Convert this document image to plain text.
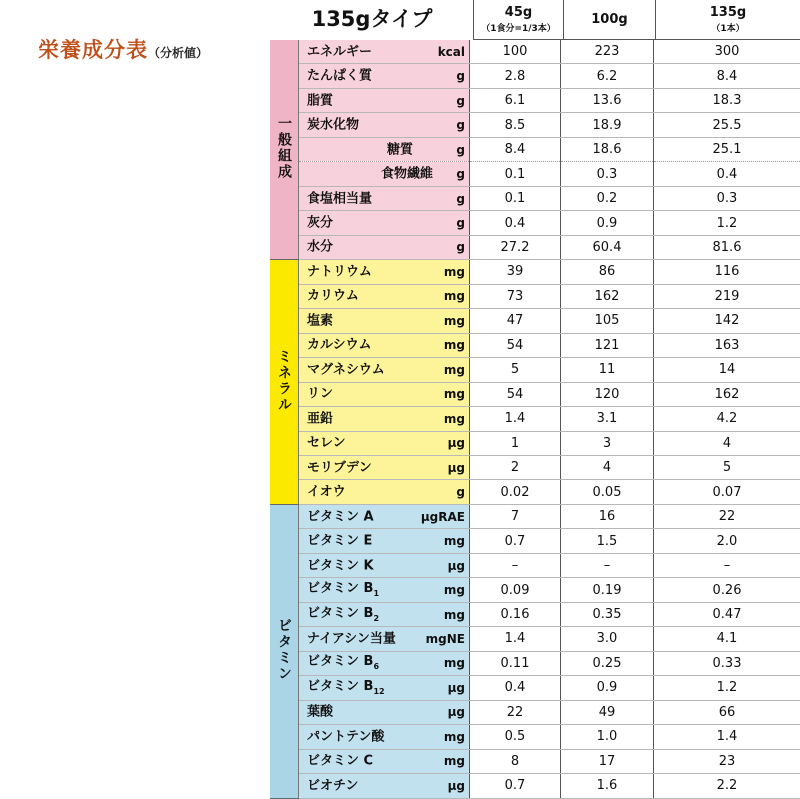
栄養成分表（分析値）
135gタイプ	45g
（1食分=1/3本）
100g	135g
（1本）
一般組成	エネルギー kcal	100	223	300

	たんぱく質 g	2.8	6.2	8.4

	脂質 g	6.1	13.6	18.3

	炭水化物 g	8.5	18.9	25.5

	糖質 g	8.4	18.6	25.1

	食物繊維 g	0.1	0.3	0.4

	食塩相当量 g	0.1	0.2	0.3

	灰分 g	0.4	0.9	1.2

	水分 g	27.2	60.4	81.6
ミネラル	ナトリウム mg	39	86	116

	カリウム mg	73	162	219

	塩素 mg	47	105	142

	カルシウム mg	54	121	163

	マグネシウム mg	5	11	14

	リン mg	54	120	162

	亜鉛 mg	1.4	3.1	4.2

	セレン μg	1	3	4

	モリブデン μg	2	4	5

	イオウ g	0.02	0.05	0.07
ビタミン	ビタミン A μgRAE	7	16	22

	ビタミン E mg	0.7	1.5	2.0

	ビタミン K μg	–	–	–

	ビタミン $B_1$ mg	0.09	0.19	0.26

	ビタミン $B_2$ mg	0.16	0.35	0.47

	ナイアシン当量 mgNE	1.4	3.0	4.1

	ビタミン $B_6$ mg	0.11	0.25	0.33

	ビタミン $B_{12}$ μg	0.4	0.9	1.2

	葉酸 μg	22	49	66

	パントテン酸 mg	0.5	1.0	1.4

	ビタミン C mg	8	17	23

	ビオチン μg	0.7	1.6	2.2
